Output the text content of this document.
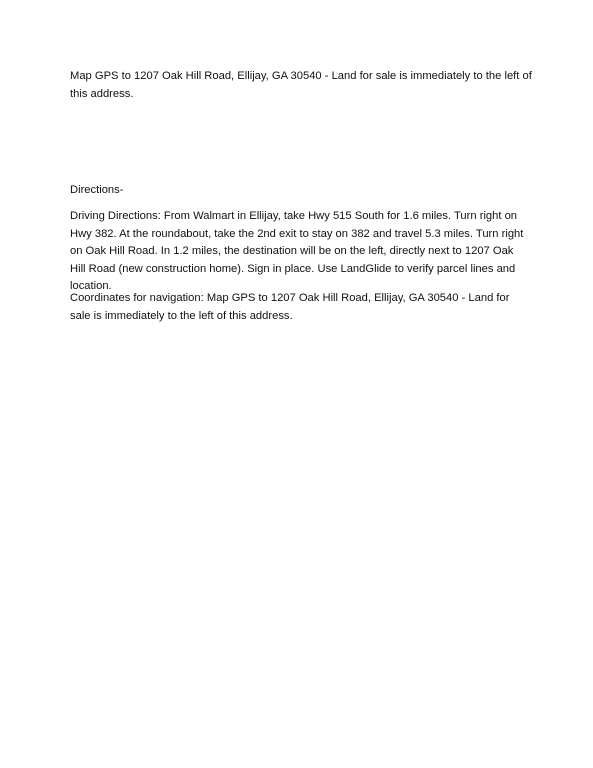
Map GPS to 1207 Oak Hill Road, Ellijay, GA 30540 - Land for sale is immediately to the left of this address.

Directions-

Driving Directions: From Walmart in Ellijay, take Hwy 515 South for 1.6 miles. Turn right on Hwy 382. At the roundabout, take the 2nd exit to stay on 382 and travel 5.3 miles. Turn right on Oak Hill Road. In 1.2 miles, the destination will be on the left, directly next to 1207 Oak Hill Road (new construction home). Sign in place. Use LandGlide to verify parcel lines and location.

Coordinates for navigation: Map GPS to 1207 Oak Hill Road, Ellijay, GA 30540 - Land for sale is immediately to the left of this address.
